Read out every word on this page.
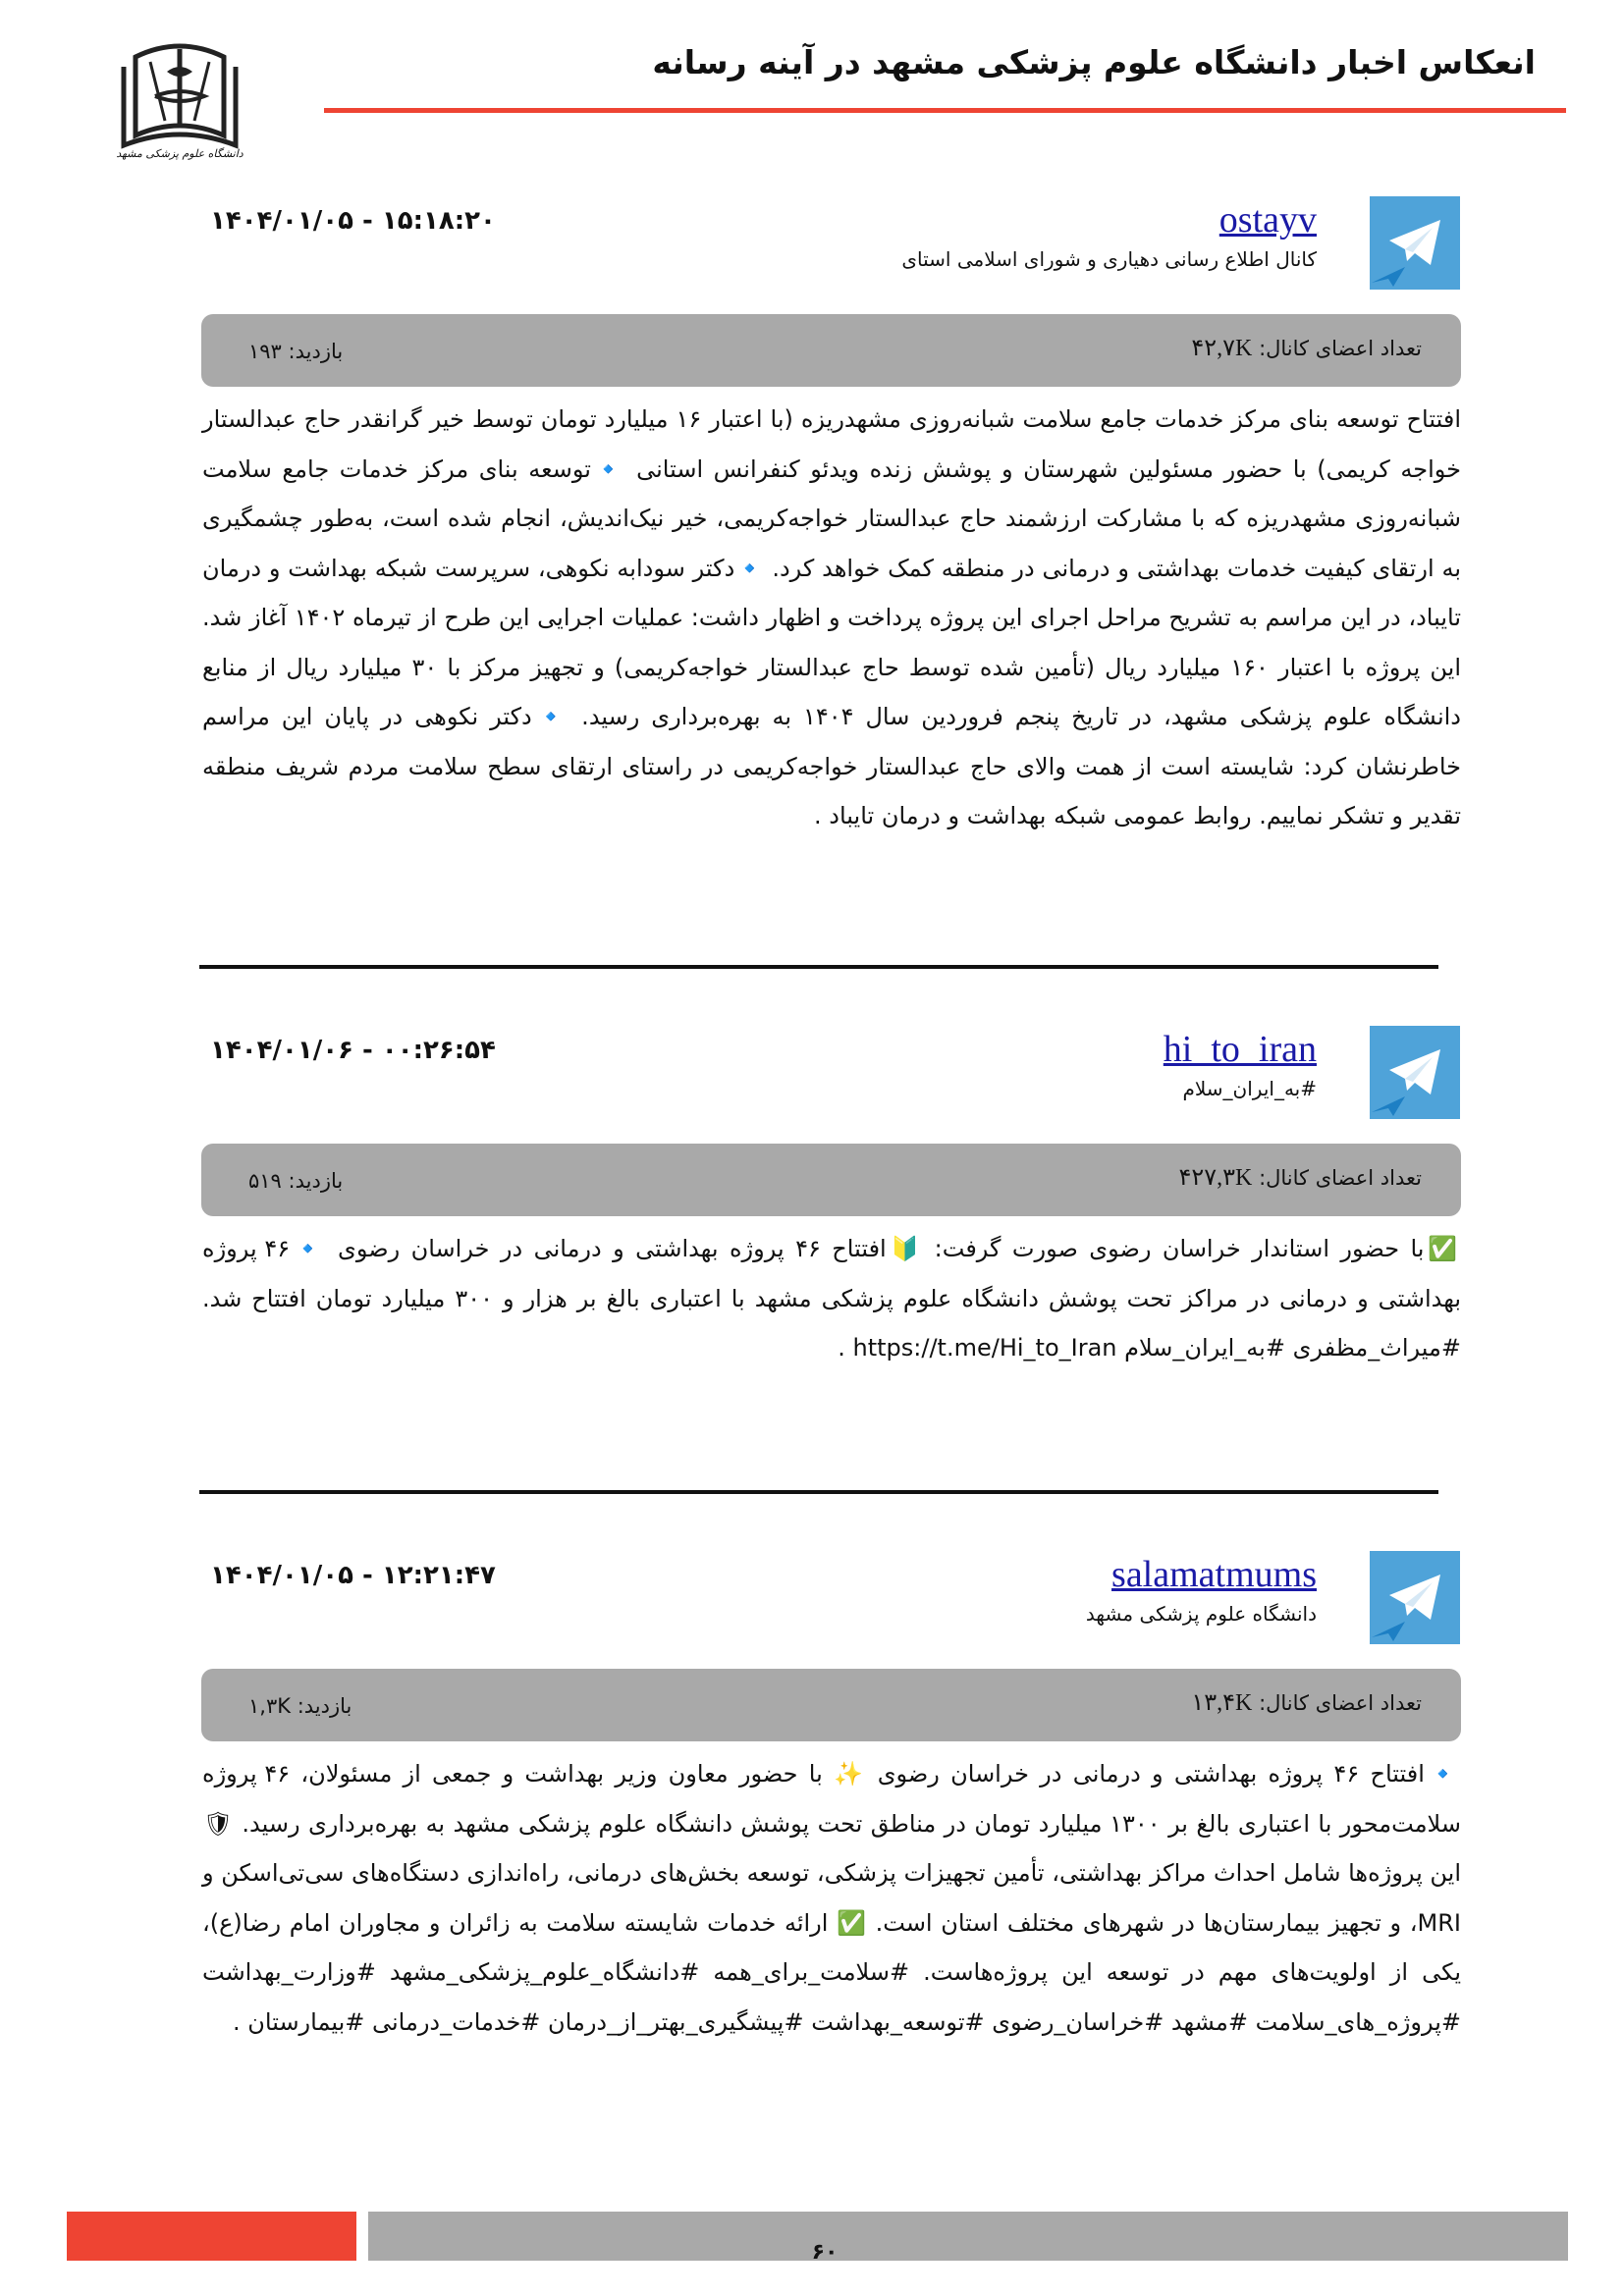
دانشگاه علوم پزشکی مشهد
انعکاس اخبار دانشگاه علوم پزشکی مشهد در آینه رسانه
ostayv
کانال اطلاع رسانی دهیاری و شورای اسلامی استای
۱۴۰۴/۰۱/۰۵ - ۱۵:۱۸:۲۰
تعداد اعضای کانال: ۴۲,۷K
بازدید: ۱۹۳
افتتاح توسعه بنای مرکز خدمات جامع سلامت شبانه‌روزی مشهدریزه (با اعتبار ۱۶ میلیارد تومان توسط خیر گرانقدر حاج عبدالستار خواجه کریمی) با حضور مسئولین شهرستان و پوشش زنده ویدئو کنفرانس استانی 🔹توسعه بنای مرکز خدمات جامع سلامت شبانه‌روزی مشهدریزه که با مشارکت ارزشمند حاج عبدالستار خواجه‌کریمی، خیر نیک‌اندیش، انجام شده است، به‌طور چشمگیری به ارتقای کیفیت خدمات بهداشتی و درمانی در منطقه کمک خواهد کرد. 🔹دکتر سودابه نکوهی، سرپرست شبکه بهداشت و درمان تایباد، در این مراسم به تشریح مراحل اجرای این پروژه پرداخت و اظهار داشت: عملیات اجرایی این طرح از تیرماه ۱۴۰۲ آغاز شد. این پروژه با اعتبار ۱۶۰ میلیارد ریال (تأمین شده توسط حاج عبدالستار خواجه‌کریمی) و تجهیز مرکز با ۳۰ میلیارد ریال از منابع دانشگاه علوم پزشکی مشهد، در تاریخ پنجم فروردین سال ۱۴۰۴ به بهره‌برداری رسید. 🔹دکتر نکوهی در پایان این مراسم خاطرنشان کرد: شایسته است از همت والای حاج عبدالستار خواجه‌کریمی در راستای ارتقای سطح سلامت مردم شریف منطقه تقدیر و تشکر نماییم. روابط عمومی شبکه بهداشت و درمان تایباد .
hi_to_iran
#به_ایران_سلام
۱۴۰۴/۰۱/۰۶ - ۰۰:۲۶:۵۴
تعداد اعضای کانال: ۴۲۷,۳K
بازدید: ۵۱۹
✅با حضور استاندار خراسان رضوی صورت گرفت: 🔰افتتاح ۴۶ پروژه بهداشتی و درمانی در خراسان رضوی 🔹۴۶ پروژه بهداشتی و درمانی در مراکز تحت پوشش دانشگاه علوم پزشکی مشهد با اعتباری بالغ بر هزار و ۳۰۰ میلیارد تومان افتتاح شد. #میراث_مظفری #به_ایران_سلام https://t.me/Hi_to_Iran .
salamatmums
دانشگاه علوم پزشکی مشهد
۱۴۰۴/۰۱/۰۵ - ۱۲:۲۱:۴۷
تعداد اعضای کانال: ۱۳,۴K
بازدید: ۱,۳K
🔹افتتاح ۴۶ پروژه بهداشتی و درمانی در خراسان رضوی ✨ با حضور معاون وزیر بهداشت و جمعی از مسئولان، ۴۶ پروژه سلامت‌محور با اعتباری بالغ بر ۱۳۰۰ میلیارد تومان در مناطق تحت پوشش دانشگاه علوم پزشکی مشهد به بهره‌برداری رسید. 🛡 این پروژه‌ها شامل احداث مراکز بهداشتی، تأمین تجهیزات پزشکی، توسعه بخش‌های درمانی، راه‌اندازی دستگاه‌های سی‌تی‌اسکن و MRI، و تجهیز بیمارستان‌ها در شهرهای مختلف استان است. ✅ ارائه خدمات شایسته سلامت به زائران و مجاوران امام رضا(ع)، یکی از اولویت‌های مهم در توسعه این پروژه‌هاست. #سلامت_برای_همه #دانشگاه_علوم_پزشکی_مشهد #وزارت_بهداشت #پروژه_های_سلامت #مشهد #خراسان_رضوی #توسعه_بهداشت #پیشگیری_بهتر_از_درمان #خدمات_درمانی #بیمارستان .
۶۰
